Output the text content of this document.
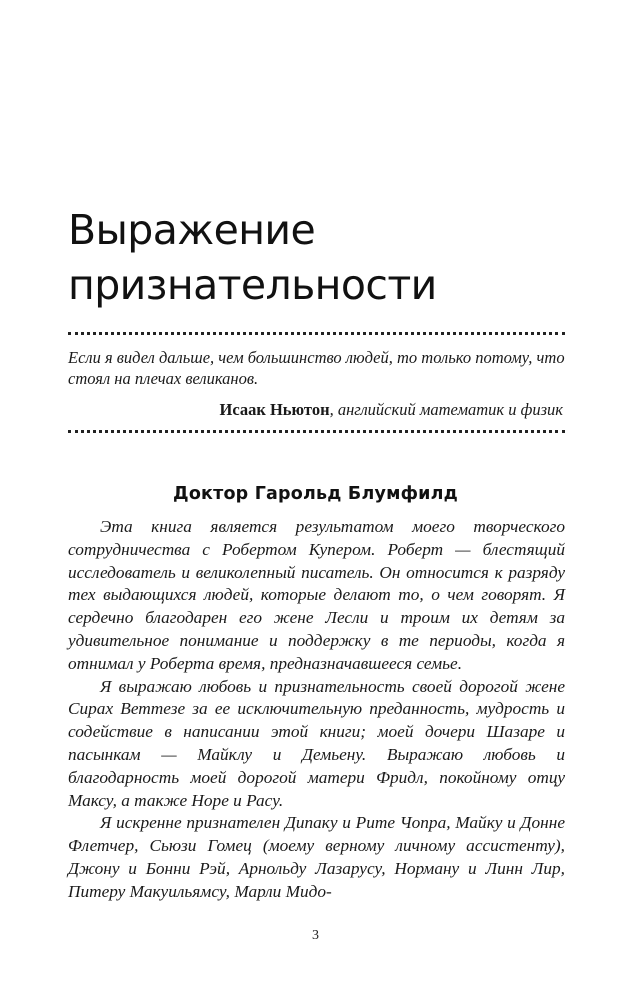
Выражение признательности

Если я видел дальше, чем большинство людей, то только потому, что стоял на плечах великанов.

Исаак Ньютон, английский математик и физик

Доктор Гарольд Блумфилд

Эта книга является результатом моего творческого сотрудничества с Робертом Купером. Роберт — блестящий исследователь и великолепный писатель. Он относится к разряду тех выдающихся людей, которые делают то, о чем говорят. Я сердечно благодарен его жене Лесли и троим их детям за удивительное понимание и поддержку в те периоды, когда я отнимал у Роберта время, предназначавшееся семье.

Я выражаю любовь и признательность своей дорогой жене Сирах Веттезе за ее исключительную преданность, мудрость и содействие в написании этой книги; моей дочери Шазаре и пасынкам — Майклу и Демьену. Выражаю любовь и благодарность моей дорогой матери Фридл, покойному отцу Максу, а также Норе и Расу.

Я искренне признателен Дипаку и Рите Чопра, Майку и Донне Флетчер, Сьюзи Гомец (моему верному личному ассистенту), Джону и Бонни Рэй, Арнольду Лазарусу, Норману и Линн Лир, Питеру Макуильямсу, Марли Мидо-

3
